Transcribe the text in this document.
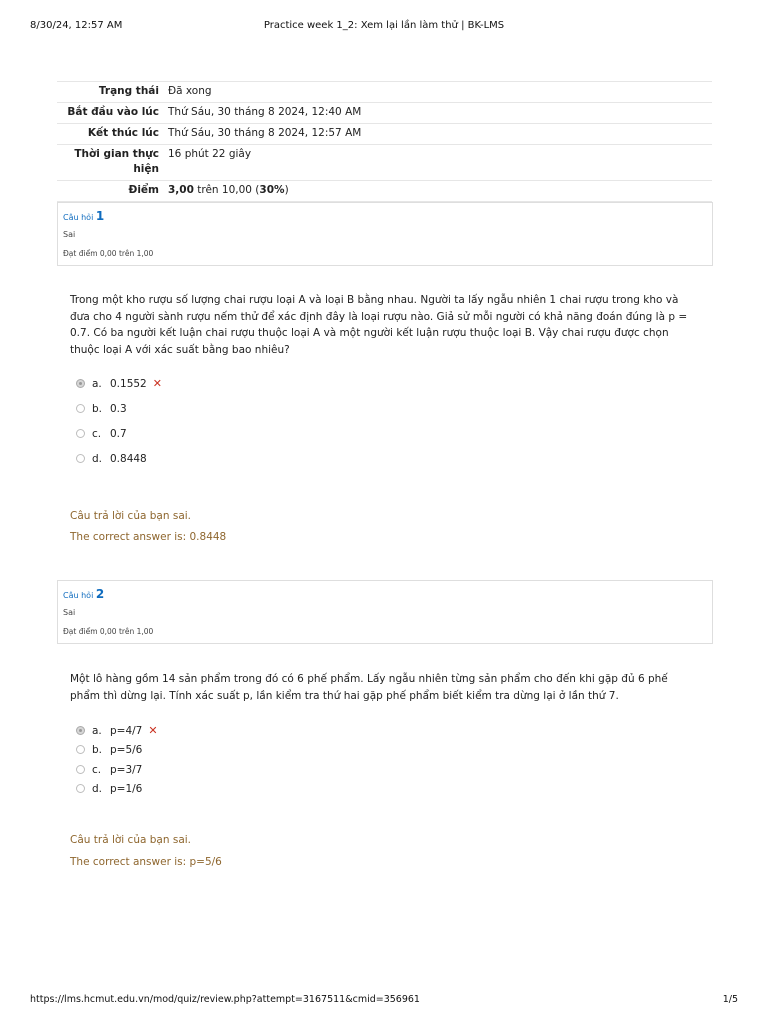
8/30/24, 12:57 AM	Practice week 1_2: Xem lại lần làm thử | BK-LMS
Trạng thái Đã xong
Bắt đầu vào lúc Thứ Sáu, 30 tháng 8 2024, 12:40 AM
Kết thúc lúc Thứ Sáu, 30 tháng 8 2024, 12:57 AM
Thời gian thực hiện
16 phút 22 giây
Điểm 3,00 trên 10,00 (30%)
Câu hỏi 1
Sai
Đạt điểm 0,00 trên 1,00
Trong một kho rượu số lượng chai rượu loại A và loại B bằng nhau. Người ta lấy ngẫu nhiên 1 chai rượu trong kho và đưa cho 4 người sành rượu nếm thử để xác định đây là loại rượu nào. Giả sử mỗi người có khả năng đoán đúng là p = 0.7. Có ba người kết luận chai rượu thuộc loại A và một người kết luận rượu thuộc loại B. Vậy chai rượu được chọn thuộc loại A với xác suất bằng bao nhiêu?
a. 0.1552 ✕
b. 0.3
c. 0.7
d. 0.8448
Câu trả lời của bạn sai.
The correct answer is: 0.8448
Câu hỏi 2
Sai
Đạt điểm 0,00 trên 1,00
Một lô hàng gồm 14 sản phẩm trong đó có 6 phế phẩm. Lấy ngẫu nhiên từng sản phẩm cho đến khi gặp đủ 6 phế phẩm thì dừng lại. Tính xác suất p, lần kiểm tra thứ hai gặp phế phẩm biết kiểm tra dừng lại ở lần thứ 7.
a. p=4/7 ✕
b. p=5/6
c. p=3/7
d. p=1/6
Câu trả lời của bạn sai.
The correct answer is: p=5/6
https://lms.hcmut.edu.vn/mod/quiz/review.php?attempt=3167511&cmid=356961	1/5
